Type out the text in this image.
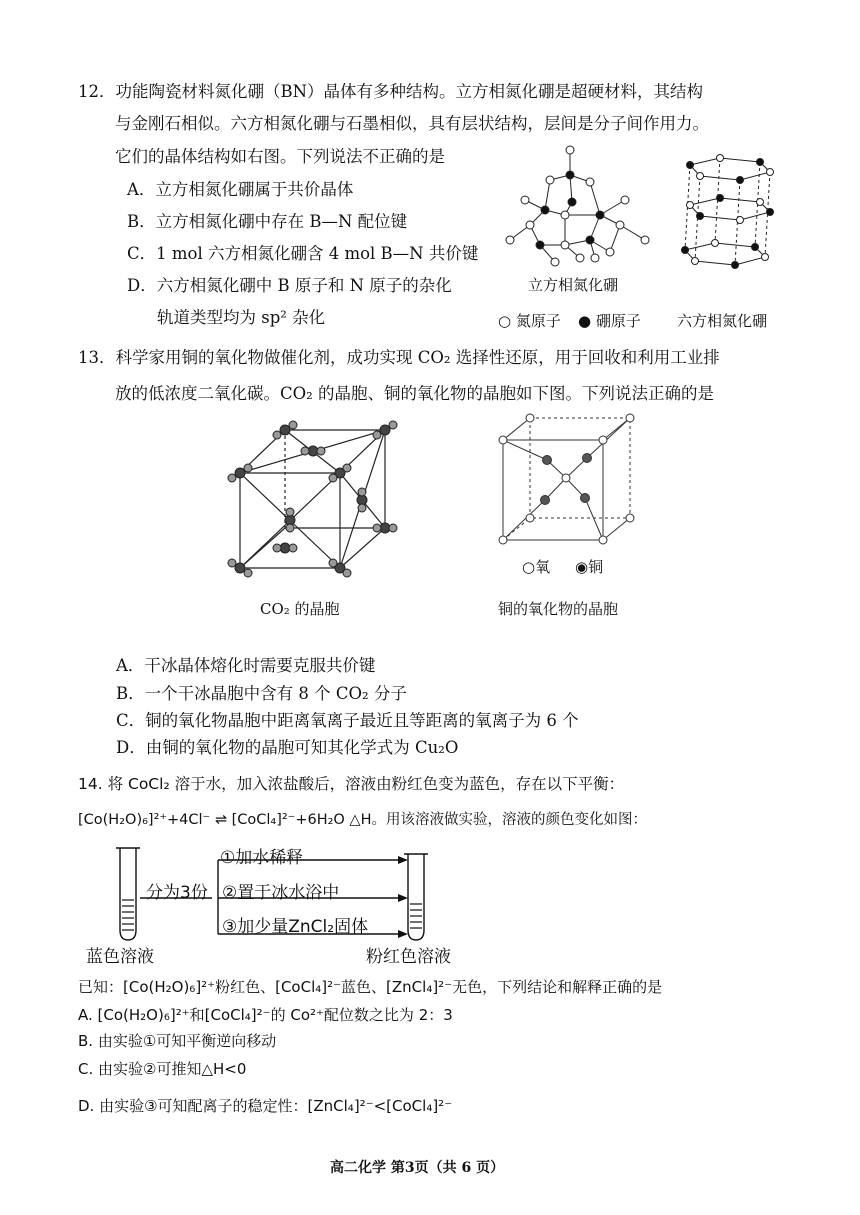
12．功能陶瓷材料氮化硼（BN）晶体有多种结构。立方相氮化硼是超硬材料，其结构
与金刚石相似。六方相氮化硼与石墨相似，具有层状结构，层间是分子间作用力。
它们的晶体结构如右图。下列说法不正确的是
A．立方相氮化硼属于共价晶体
B．立方相氮化硼中存在 B—N 配位键
C．1 mol 六方相氮化硼含 4 mol B—N 共价键
D．六方相氮化硼中 B 原子和 N 原子的杂化
轨道类型均为 sp² 杂化
立方相氮化硼
○ 氮原子 ● 硼原子 六方相氮化硼
13．科学家用铜的氧化物做催化剂，成功实现 CO₂ 选择性还原，用于回收和利用工业排
放的低浓度二氧化碳。CO₂ 的晶胞、铜的氧化物的晶胞如下图。下列说法正确的是
CO₂ 的晶胞
○氧 ◉铜
铜的氧化物的晶胞
A．干冰晶体熔化时需要克服共价键
B．一个干冰晶胞中含有 8 个 CO₂ 分子
C．铜的氧化物晶胞中距离氧离子最近且等距离的氧离子为 6 个
D．由铜的氧化物的晶胞可知其化学式为 Cu₂O
14. 将 CoCl₂ 溶于水，加入浓盐酸后，溶液由粉红色变为蓝色，存在以下平衡：
[Co(H₂O)₆]²⁺+4Cl⁻ ⇌ [CoCl₄]²⁻+6H₂O △H。用该溶液做实验，溶液的颜色变化如图：
①加水稀释
分为3份 ②置于冰水浴中
③加少量ZnCl₂固体
蓝色溶液	粉红色溶液
已知：[Co(H₂O)₆]²⁺粉红色、[CoCl₄]²⁻蓝色、[ZnCl₄]²⁻无色，下列结论和解释正确的是
A. [Co(H₂O)₆]²⁺和[CoCl₄]²⁻的 Co²⁺配位数之比为 2：3
B. 由实验①可知平衡逆向移动
C. 由实验②可推知△H<0
D. 由实验③可知配离子的稳定性：[ZnCl₄]²⁻<[CoCl₄]²⁻
高二化学 第3页（共 6 页）
